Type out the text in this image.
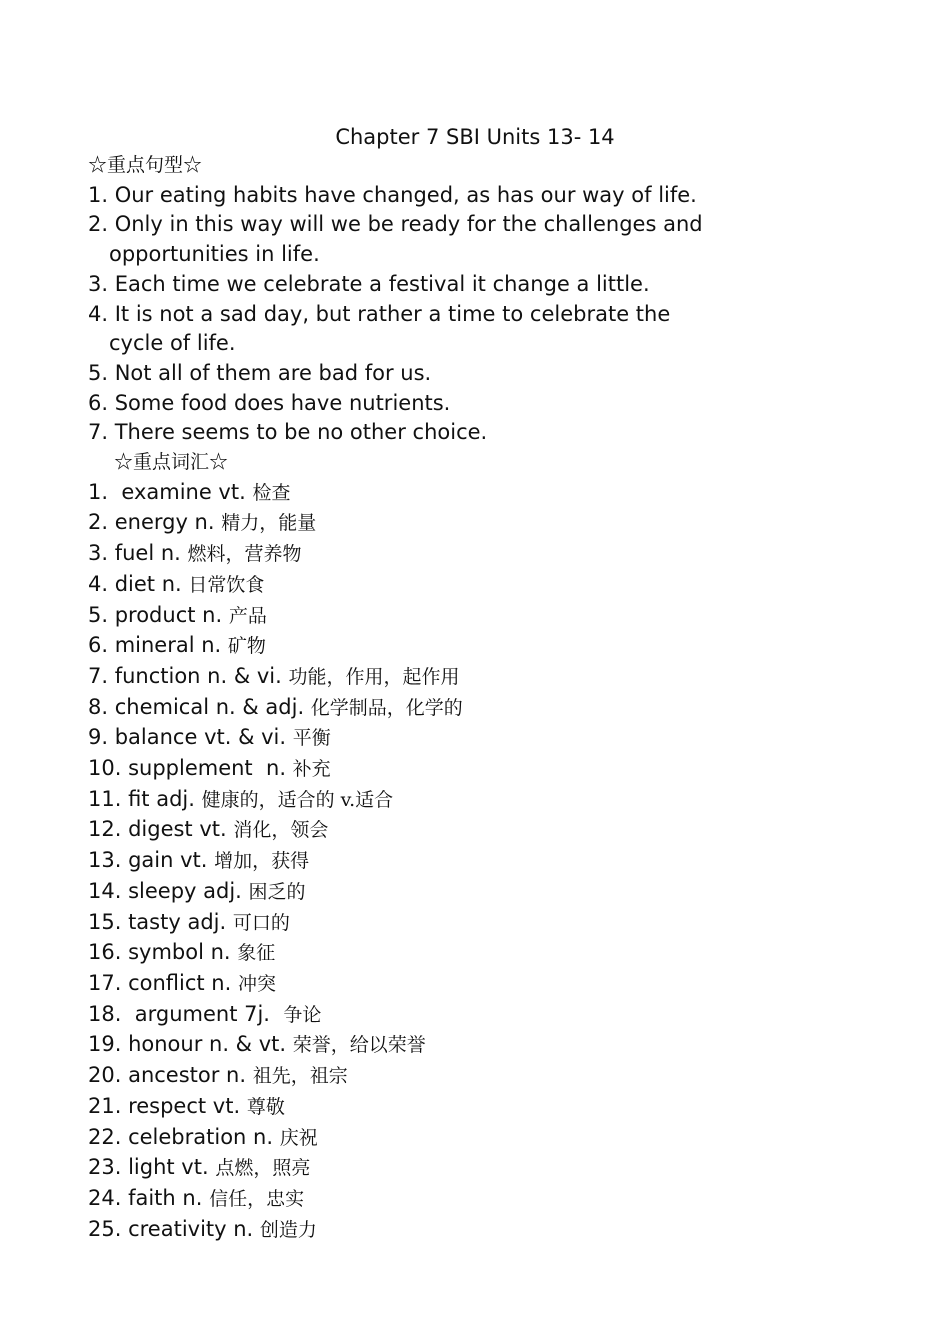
Chapter 7 SBI Units 13- 14
☆重点句型☆
1. Our eating habits have changed, as has our way of life.
2. Only in this way will we be ready for the challenges and
opportunities in life.
3. Each time we celebrate a festival it change a little.
4. It is not a sad day, but rather a time to celebrate the
cycle of life.
5. Not all of them are bad for us.
6. Some food does have nutrients.
7. There seems to be no other choice.
☆重点词汇☆
1.  examine vt. 检查
2. energy n. 精力，能量
3. fuel n. 燃料，营养物
4. diet n. 日常饮食
5. product n. 产品
6. mineral n. 矿物
7. function n. & vi. 功能，作用，起作用
8. chemical n. & adj. 化学制品，化学的
9. balance vt. & vi. 平衡
10. supplement  n. 补充
11. fit adj. 健康的，适合的 v.适合
12. digest vt. 消化，领会
13. gain vt. 增加，获得
14. sleepy adj. 困乏的
15. tasty adj. 可口的
16. symbol n. 象征
17. conflict n. 冲突
18.  argument 7j.  争论
19. honour n. & vt. 荣誉，给以荣誉
20. ancestor n. 祖先，祖宗
21. respect vt. 尊敬
22. celebration n. 庆祝
23. light vt. 点燃，照亮
24. faith n. 信任，忠实
25. creativity n. 创造力
